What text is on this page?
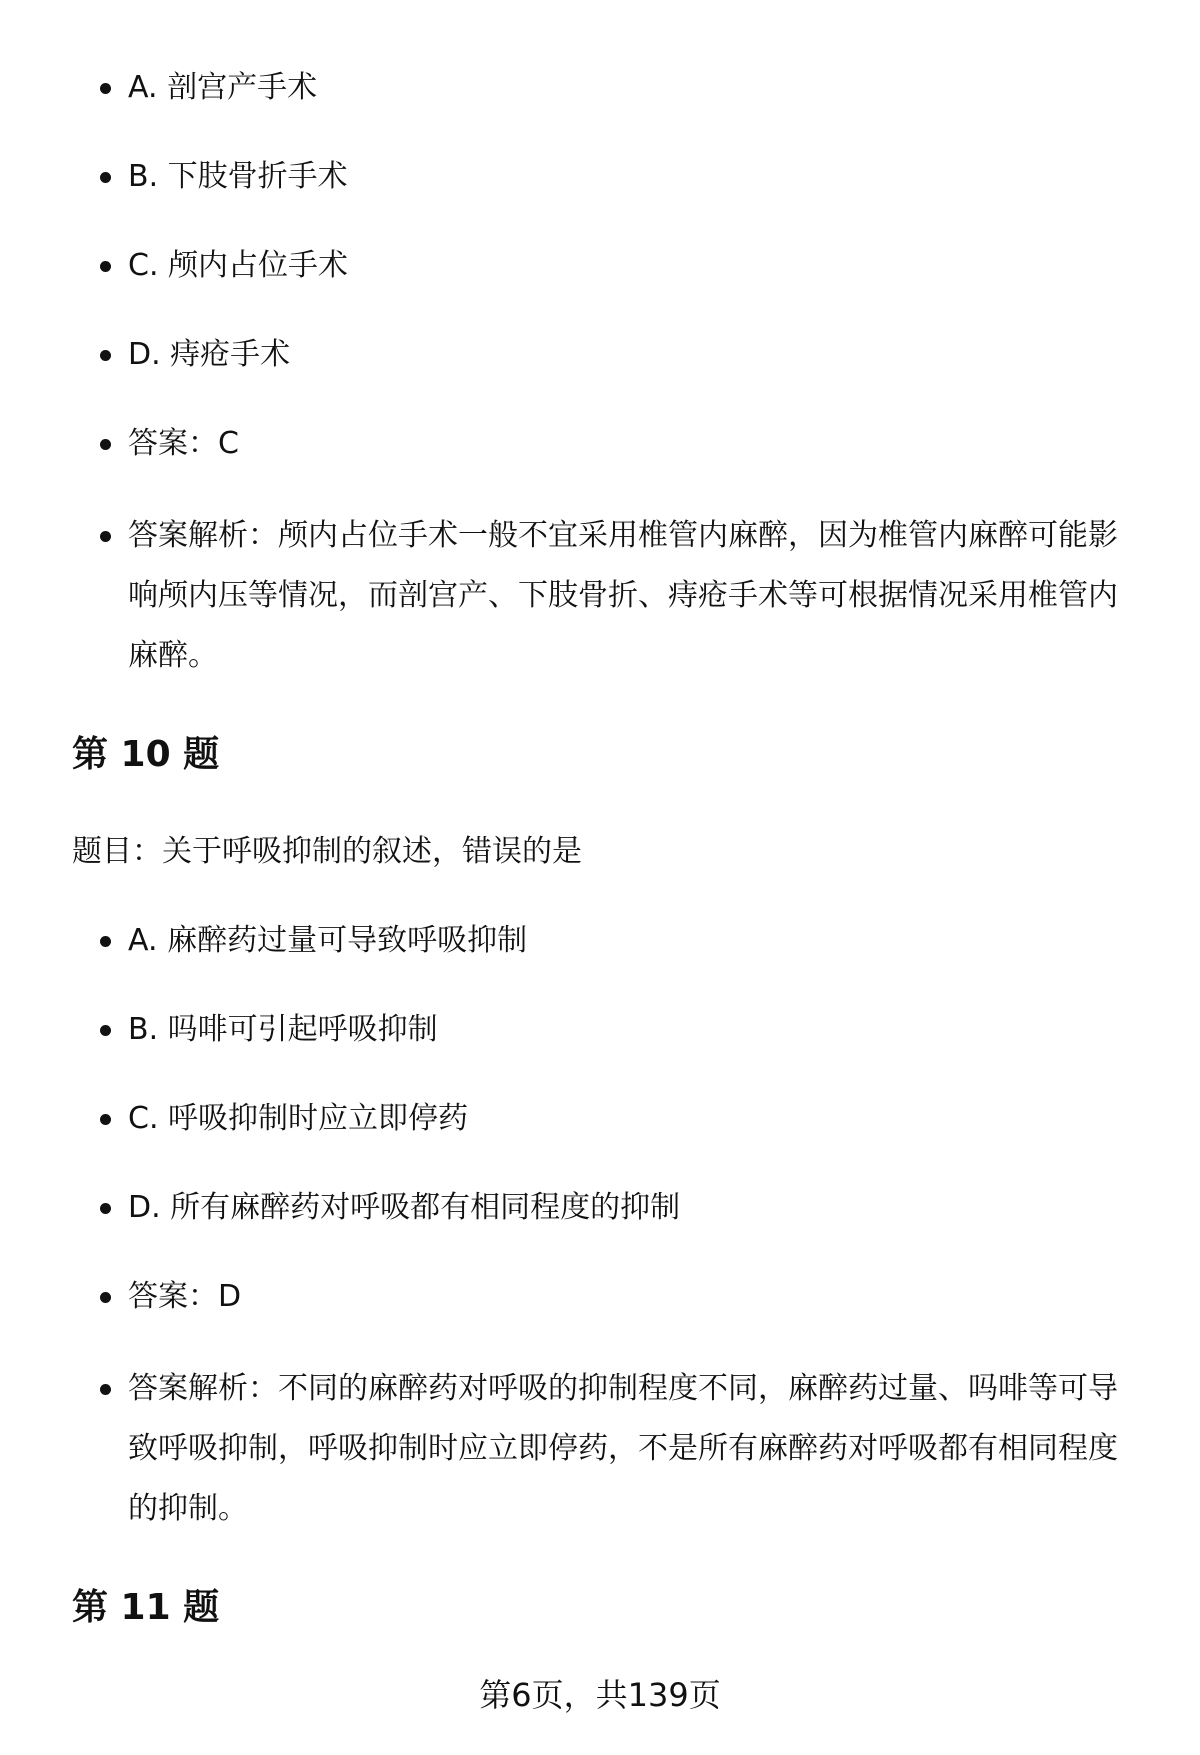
A. 剖宫产手术
B. 下肢骨折手术
C. 颅内占位手术
D. 痔疮手术
答案：C
答案解析：颅内占位手术一般不宜采用椎管内麻醉，因为椎管内麻醉可能影响颅内压等情况，而剖宫产、下肢骨折、痔疮手术等可根据情况采用椎管内麻醉。
第 10 题

题目：关于呼吸抑制的叙述，错误的是

A. 麻醉药过量可导致呼吸抑制
B. 吗啡可引起呼吸抑制
C. 呼吸抑制时应立即停药
D. 所有麻醉药对呼吸都有相同程度的抑制
答案：D
答案解析：不同的麻醉药对呼吸的抑制程度不同，麻醉药过量、吗啡等可导致呼吸抑制，呼吸抑制时应立即停药，不是所有麻醉药对呼吸都有相同程度的抑制。
第 11 题
第6页，共139页
